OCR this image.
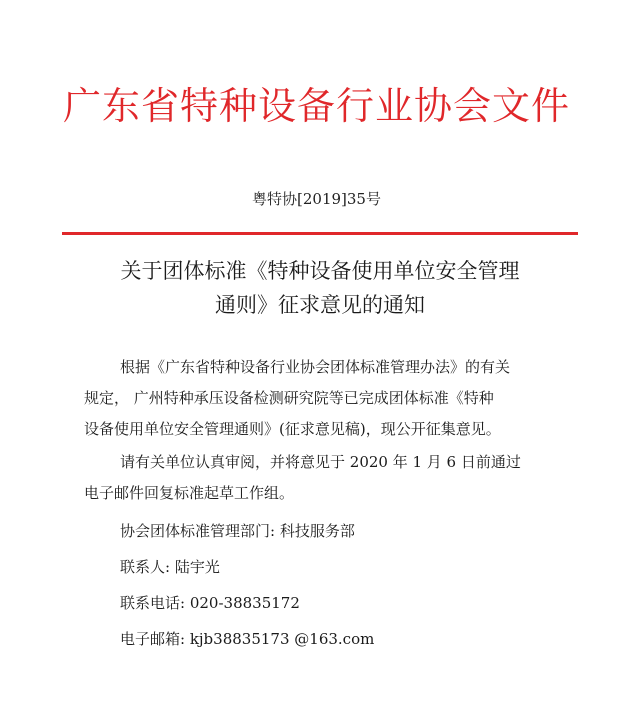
广东省特种设备行业协会文件
粤特协[2019]35号
关于团体标准《特种设备使用单位安全管理
通则》征求意见的通知

根据《广东省特种设备行业协会团体标准管理办法》的有关
规定， 广州特种承压设备检测研究院等已完成团体标准《特种
设备使用单位安全管理通则》(征求意见稿)，现公开征集意见。

请有关单位认真审阅，并将意见于 2020 年 1 月 6 日前通过
电子邮件回复标准起草工作组。

协会团体标准管理部门: 科技服务部
联系人: 陆宇光
联系电话: 020-38835172
电子邮箱: kjb38835173 @163.com
